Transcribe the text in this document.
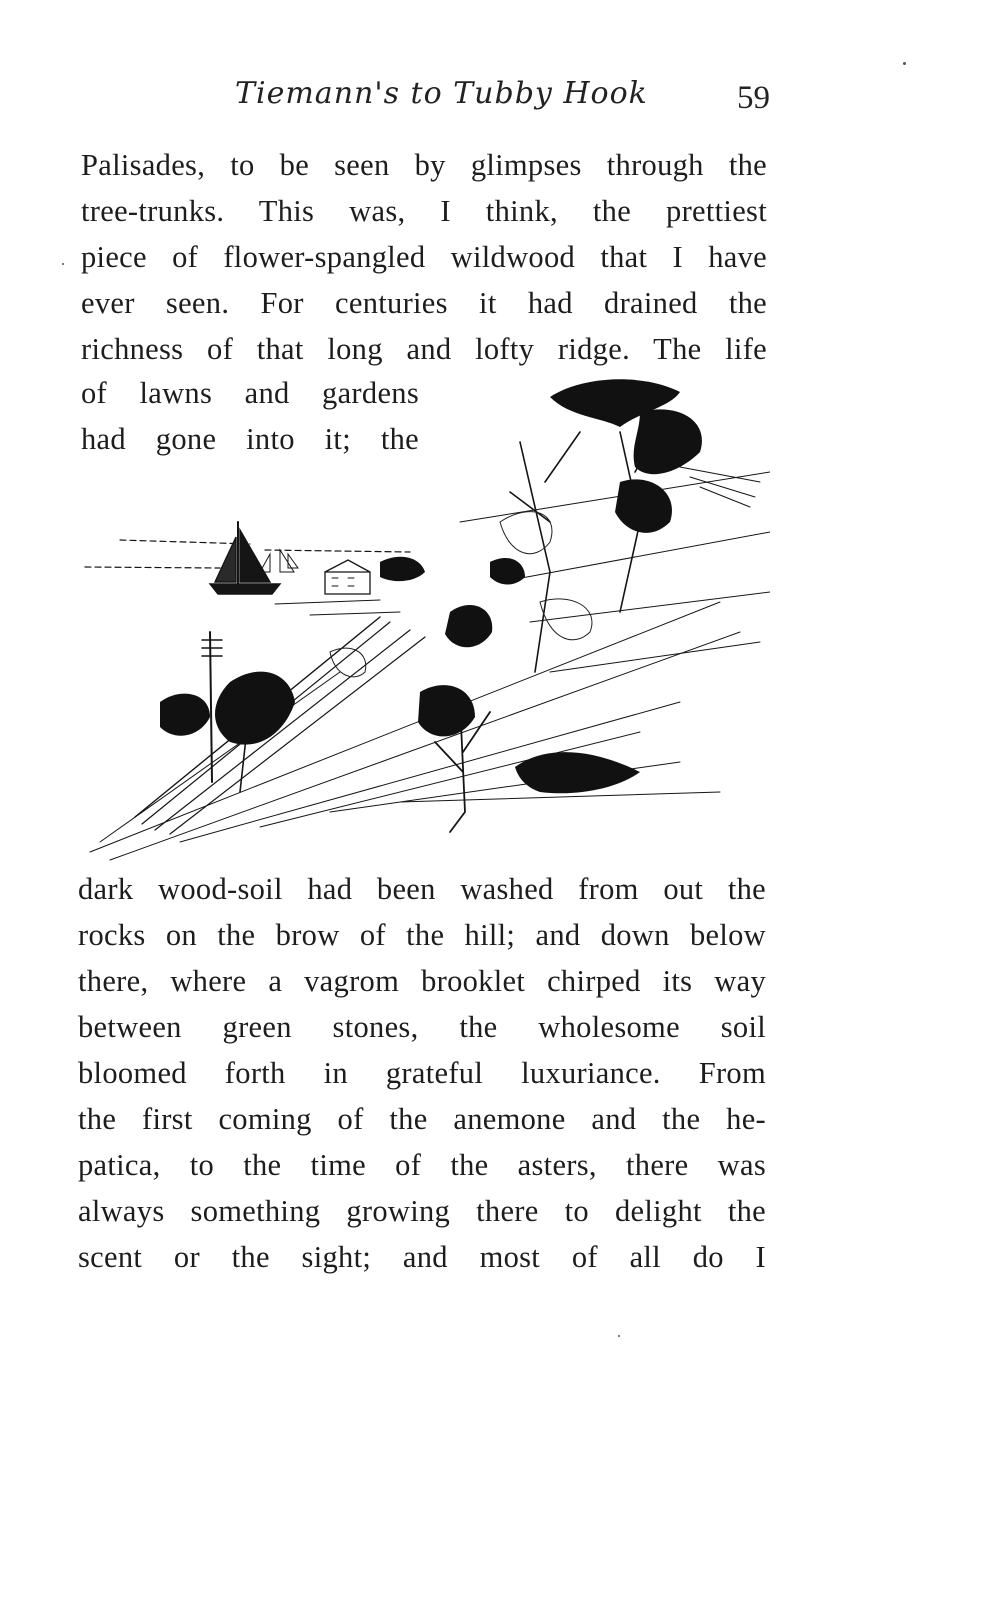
Tiemann's to Tubby Hook	59
Palisades, to be seen by glimpses through the
tree-trunks. This was, I think, the prettiest
piece of flower-spangled wildwood that I have
ever seen. For centuries it had drained the
richness of that long and lofty ridge. The life
of lawns and gardens
had gone into it; the
dark wood-soil had been washed from out the
rocks on the brow of the hill; and down below
there, where a vagrom brooklet chirped its way
between green stones, the wholesome soil
bloomed forth in grateful luxuriance. From
the first coming of the anemone and the he-
patica, to the time of the asters, there was
always something growing there to delight the
scent or the sight; and most of all do I
